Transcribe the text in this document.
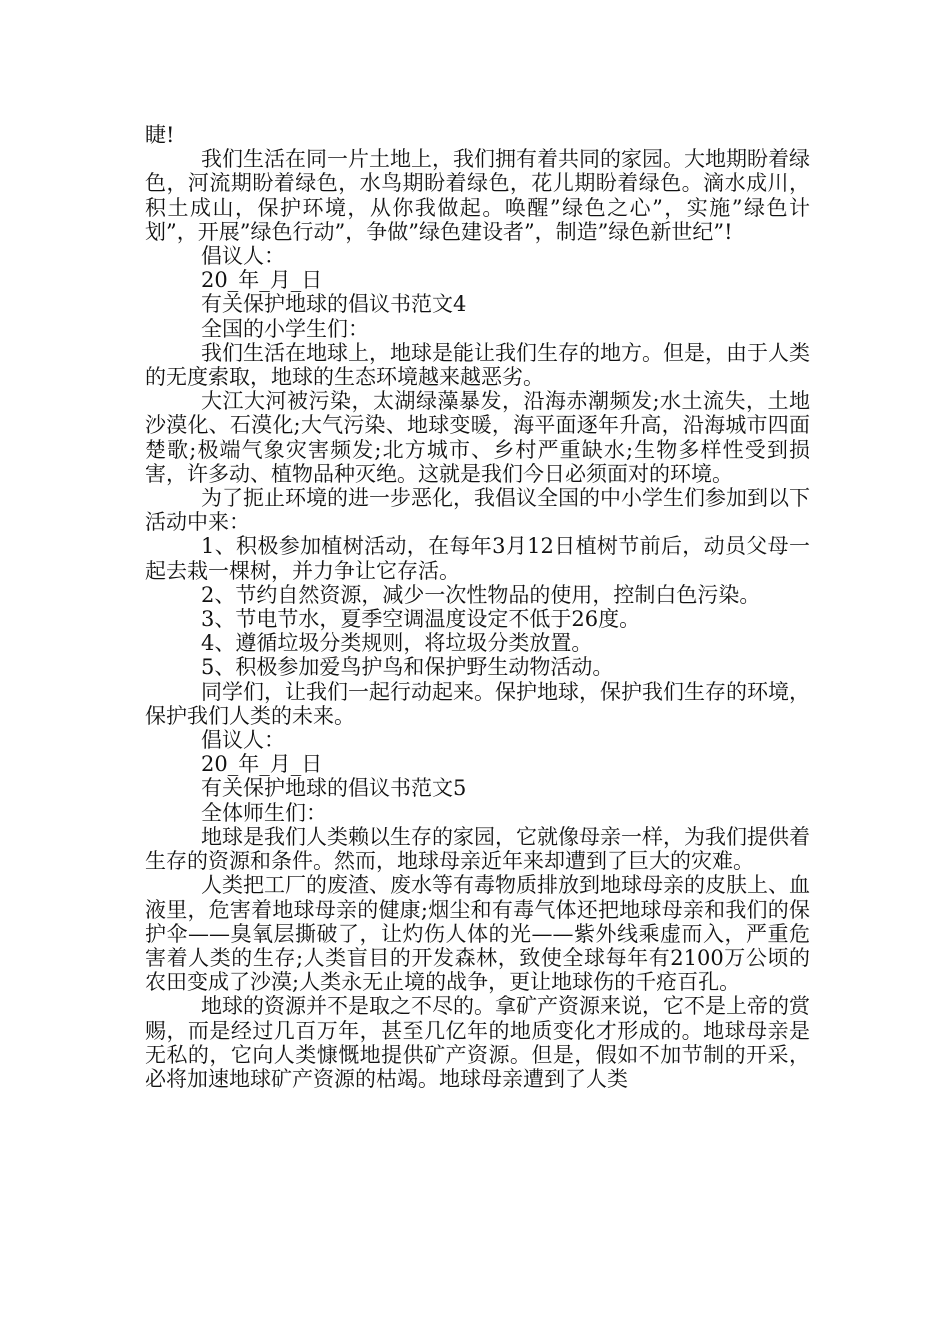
睫!

我们生活在同一片土地上，我们拥有着共同的家园。大地期盼着绿色，河流期盼着绿色，水鸟期盼着绿色，花儿期盼着绿色。滴水成川，积土成山，保护环境，从你我做起。唤醒”绿色之心”，实施”绿色计划”，开展”绿色行动”，争做”绿色建设者”，制造”绿色新世纪”!

倡议人：

20_年_月_日

有关保护地球的倡议书范文4

全国的小学生们：

我们生活在地球上，地球是能让我们生存的地方。但是，由于人类的无度索取，地球的生态环境越来越恶劣。

大江大河被污染，太湖绿藻暴发，沿海赤潮频发;水土流失，土地沙漠化、石漠化;大气污染、地球变暖，海平面逐年升高，沿海城市四面楚歌;极端气象灾害频发;北方城市、乡村严重缺水;生物多样性受到损害，许多动、植物品种灭绝。这就是我们今日必须面对的环境。

为了扼止环境的进一步恶化，我倡议全国的中小学生们参加到以下活动中来：

1、积极参加植树活动，在每年3月12日植树节前后，动员父母一起去栽一棵树，并力争让它存活。

2、节约自然资源，减少一次性物品的使用，控制白色污染。

3、节电节水，夏季空调温度设定不低于26度。

4、遵循垃圾分类规则，将垃圾分类放置。

5、积极参加爱鸟护鸟和保护野生动物活动。

同学们，让我们一起行动起来。保护地球，保护我们生存的环境，保护我们人类的未来。

倡议人：

20_年_月_日

有关保护地球的倡议书范文5

全体师生们：

地球是我们人类赖以生存的家园，它就像母亲一样，为我们提供着生存的资源和条件。然而，地球母亲近年来却遭到了巨大的灾难。

人类把工厂的废渣、废水等有毒物质排放到地球母亲的皮肤上、血液里，危害着地球母亲的健康;烟尘和有毒气体还把地球母亲和我们的保护伞——臭氧层撕破了，让灼伤人体的光——紫外线乘虚而入，严重危害着人类的生存;人类盲目的开发森林，致使全球每年有2100万公顷的农田变成了沙漠;人类永无止境的战争，更让地球伤的千疮百孔。

地球的资源并不是取之不尽的。拿矿产资源来说，它不是上帝的赏赐，而是经过几百万年，甚至几亿年的地质变化才形成的。地球母亲是无私的，它向人类慷慨地提供矿产资源。但是，假如不加节制的开采，必将加速地球矿产资源的枯竭。地球母亲遭到了人类
